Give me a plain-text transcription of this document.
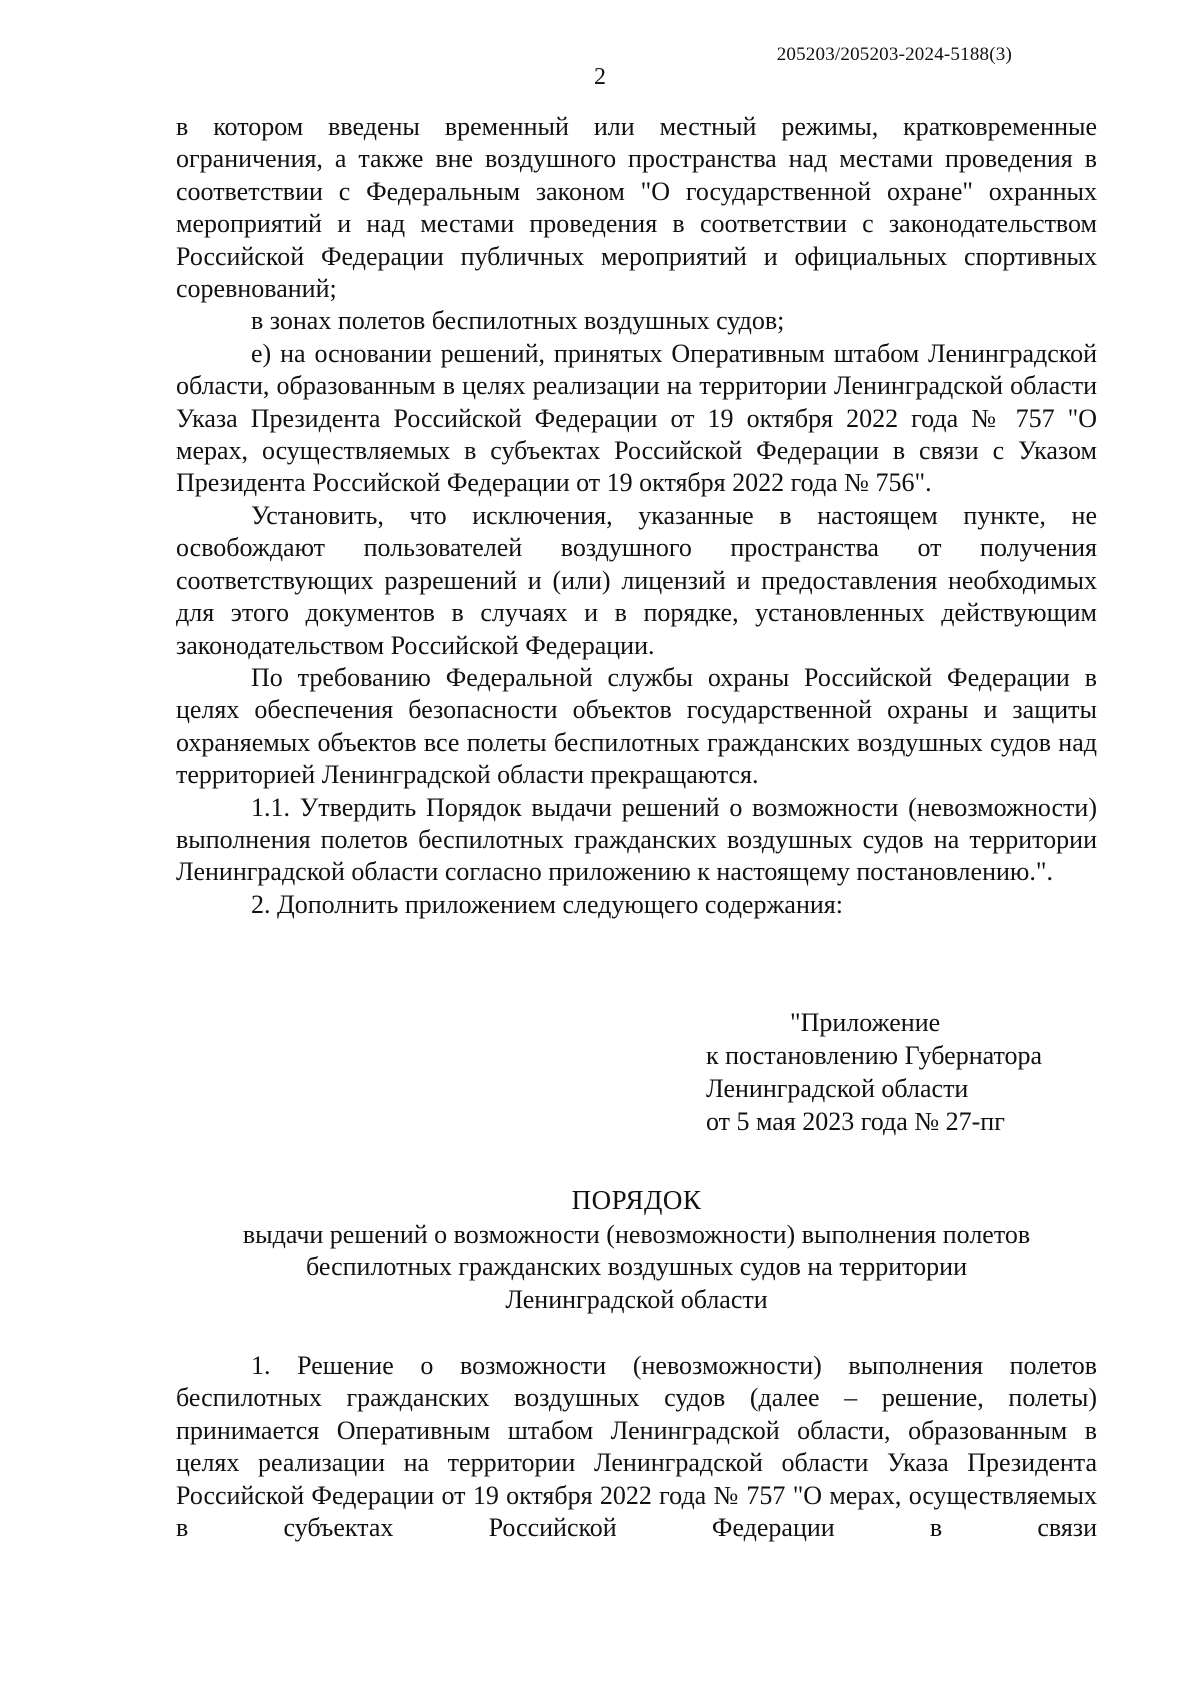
205203/205203-2024-5188(3)
2

в котором введены временный или местный режимы, кратковременные ограничения, а также вне воздушного пространства над местами проведения в соответствии с Федеральным законом "О государственной охране" охранных мероприятий и над местами проведения в соответствии с законодательством Российской Федерации публичных мероприятий и официальных спортивных соревнований;

в зонах полетов беспилотных воздушных судов;

е) на основании решений, принятых Оперативным штабом Ленинградской области, образованным в целях реализации на территории Ленинградской области Указа Президента Российской Федерации от 19 октября 2022 года № 757 "О мерах, осуществляемых в субъектах Российской Федерации в связи с Указом Президента Российской Федерации от 19 октября 2022 года № 756".

Установить, что исключения, указанные в настоящем пункте, не освобождают пользователей воздушного пространства от получения соответствующих разрешений и (или) лицензий и предоставления необходимых для этого документов в случаях и в порядке, установленных действующим законодательством Российской Федерации.

По требованию Федеральной службы охраны Российской Федерации в целях обеспечения безопасности объектов государственной охраны и защиты охраняемых объектов все полеты беспилотных гражданских воздушных судов над территорией Ленинградской области прекращаются.

1.1. Утвердить Порядок выдачи решений о возможности (невозможности) выполнения полетов беспилотных гражданских воздушных судов на территории Ленинградской области согласно приложению к настоящему постановлению.".

2. Дополнить приложением следующего содержания:

"Приложение
к постановлению Губернатора
Ленинградской области
от 5 мая 2023 года № 27-пг
ПОРЯДОК
выдачи решений о возможности (невозможности) выполнения полетов
беспилотных гражданских воздушных судов на территории
Ленинградской области

1. Решение о возможности (невозможности) выполнения полетов беспилотных гражданских воздушных судов (далее – решение, полеты) принимается Оперативным штабом Ленинградской области, образованным в целях реализации на территории Ленинградской области Указа Президента Российской Федерации от 19 октября 2022 года № 757 "О мерах, осуществляемых в субъектах Российской Федерации в связи
